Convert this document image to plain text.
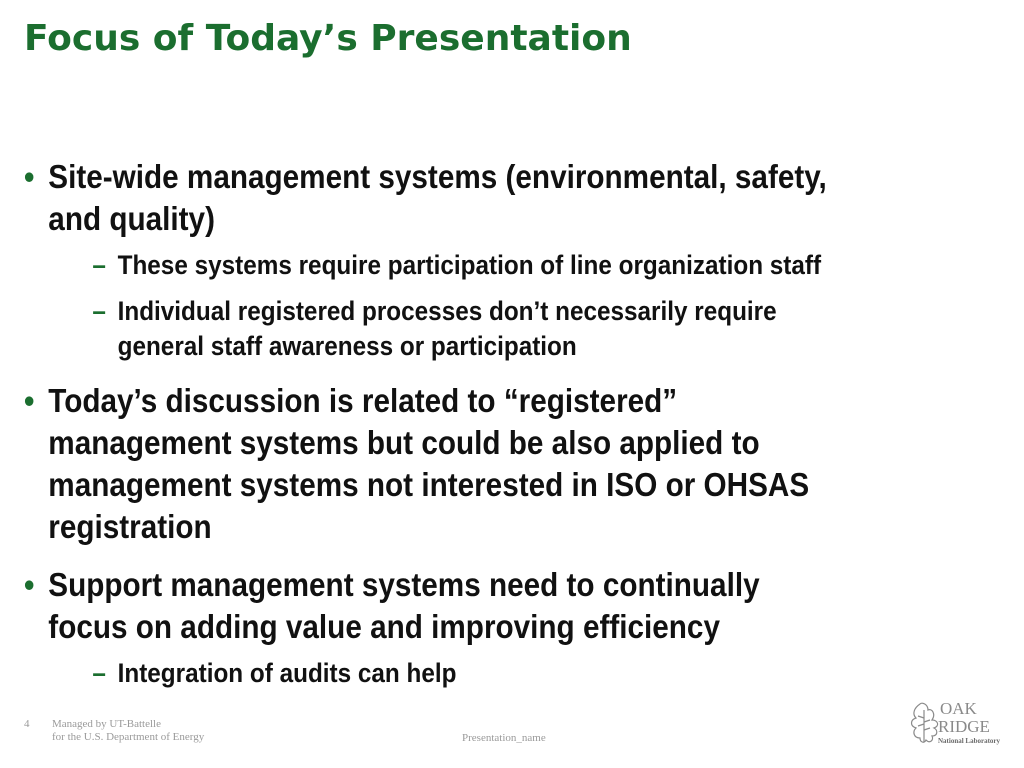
Focus of Today’s Presentation
• Site-wide management systems (environmental, safety, and quality)
– These systems require participation of line organization staff
– Individual registered processes don’t necessarily require general staff awareness or participation
• Today’s discussion is related to “registered” management systems but could be also applied to management systems not interested in ISO or OHSAS registration
• Support management systems need to continually focus on adding value and improving efficiency
– Integration of audits can help
4 Managed by UT-Battelle
for the U.S. Department of Energy	Presentation_name
OAK
RIDGE
National Laboratory
